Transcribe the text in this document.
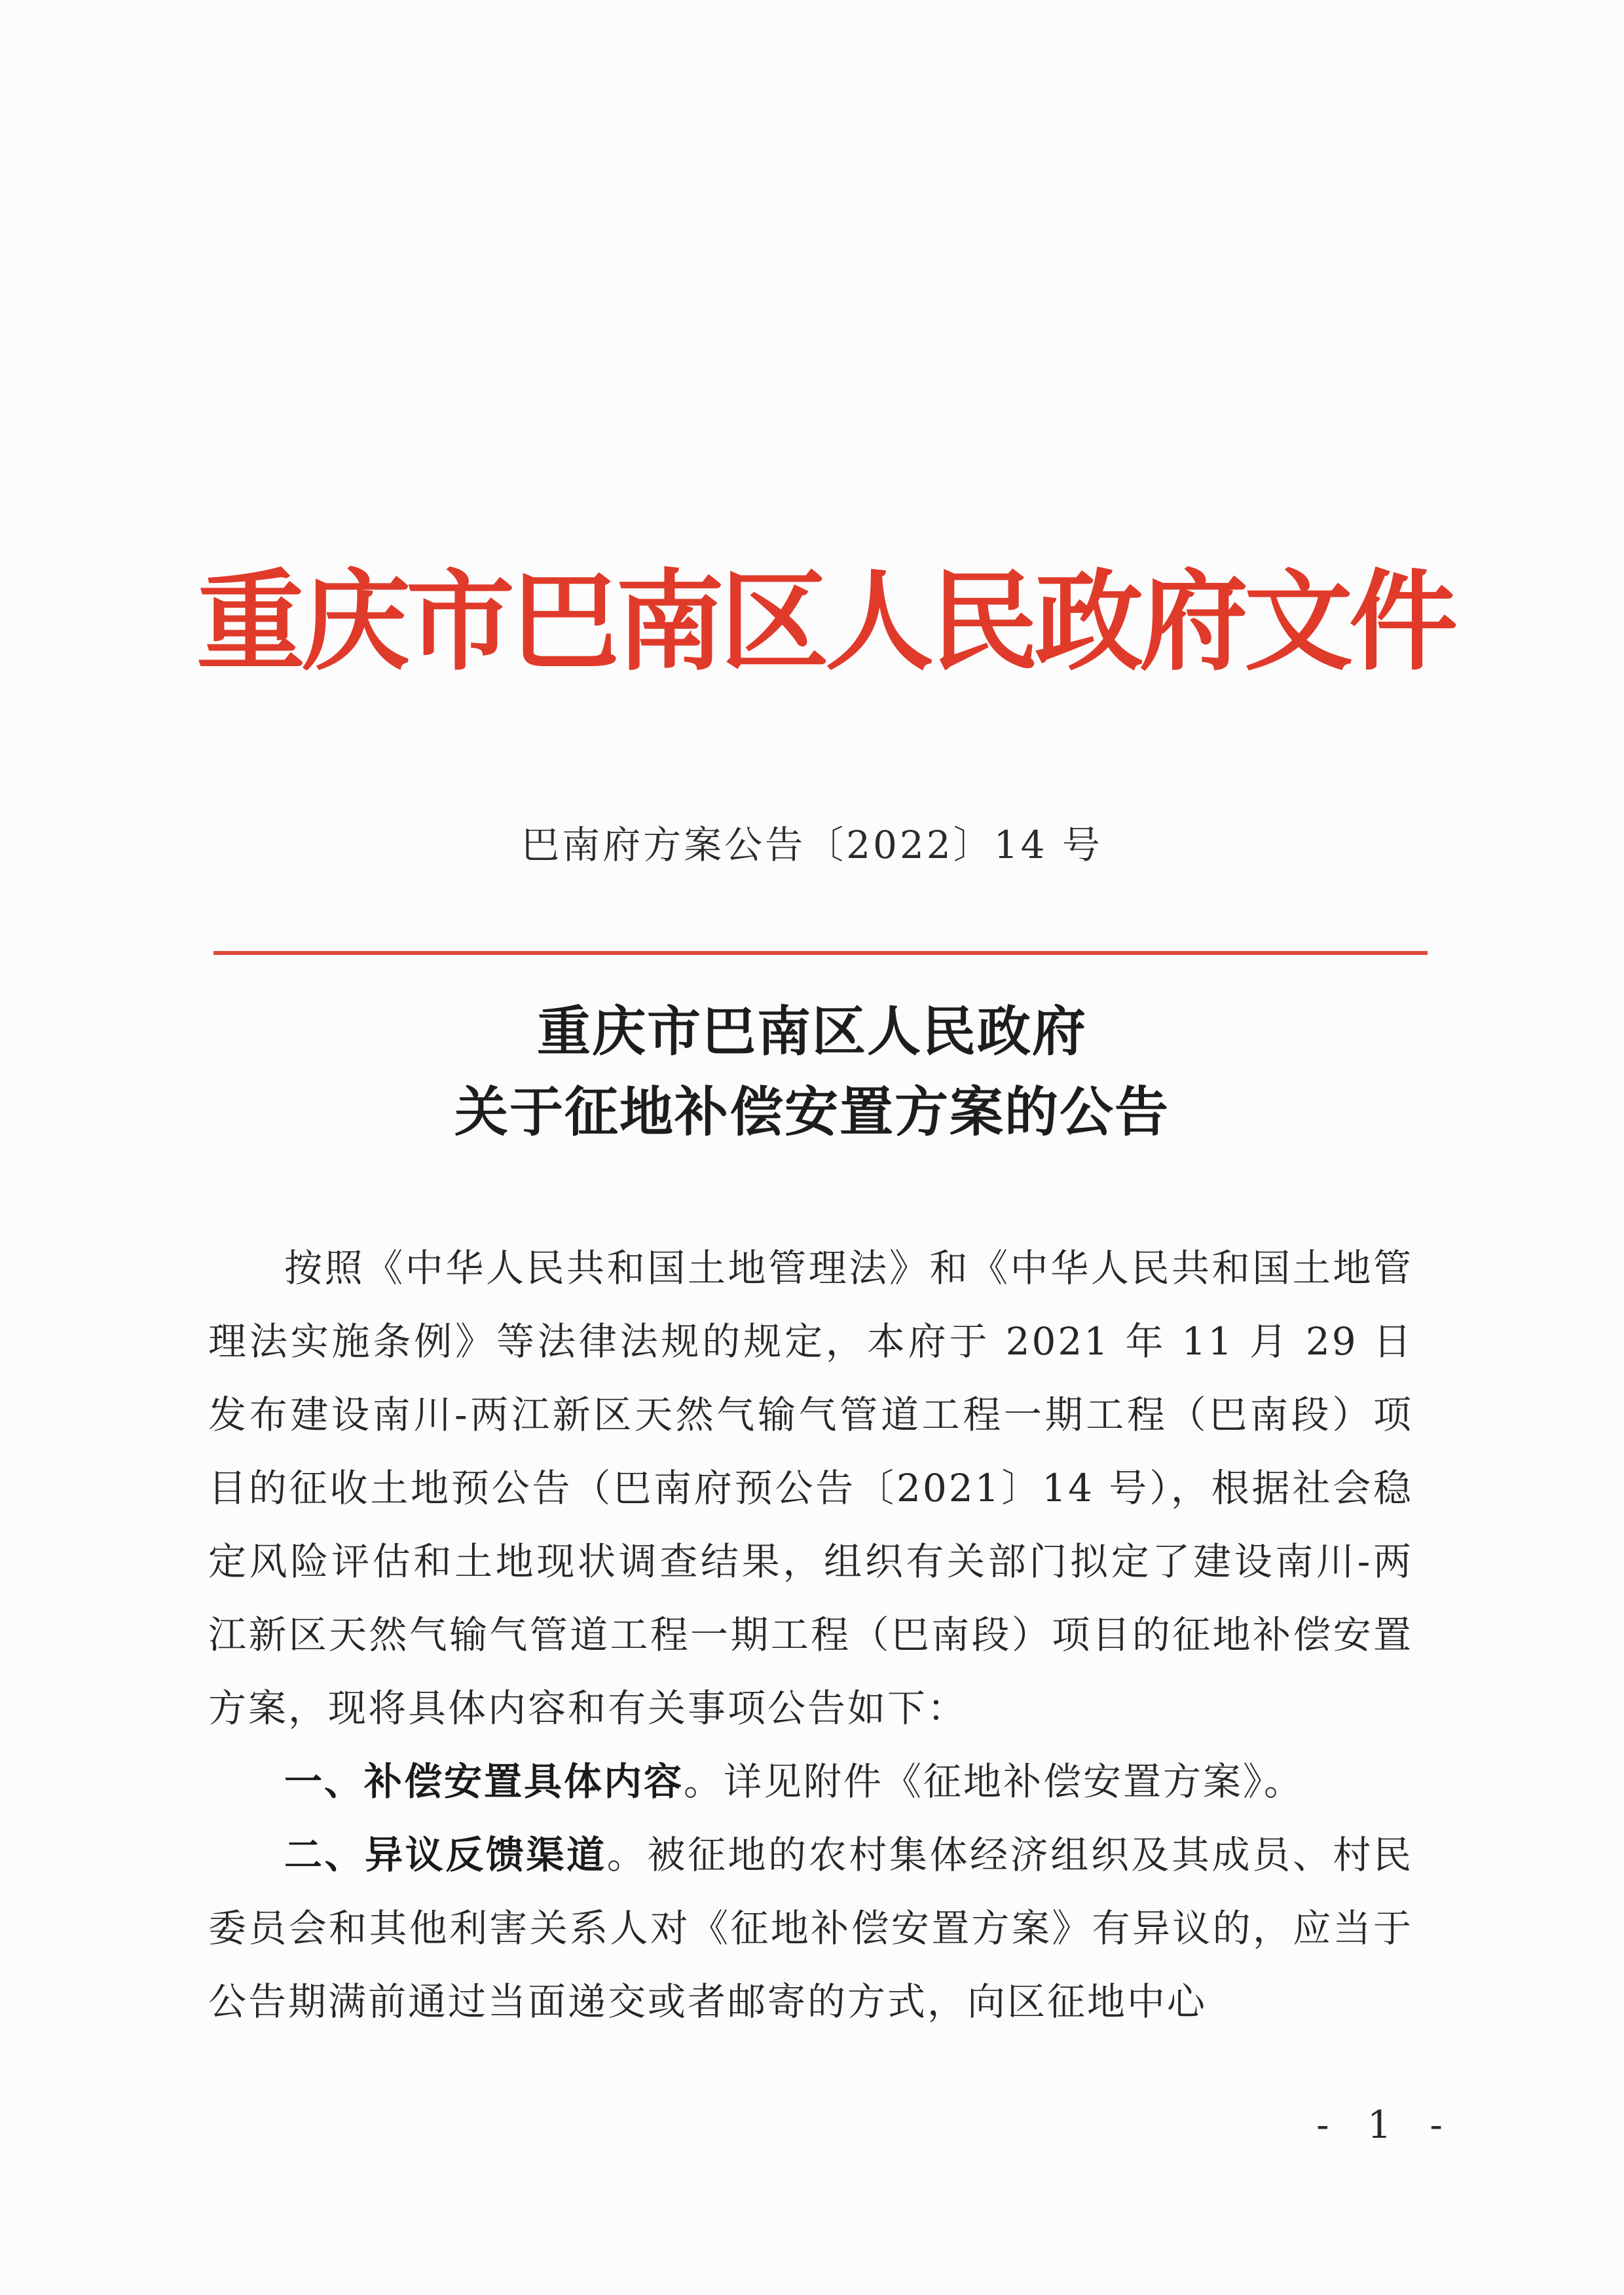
重庆市巴南区人民政府文件
巴南府方案公告〔2022〕14 号
重庆市巴南区人民政府
关于征地补偿安置方案的公告

按照《中华人民共和国土地管理法》和《中华人民共和国土地管理法实施条例》等法律法规的规定，本府于 2021 年 11 月 29 日发布建设南川-两江新区天然气输气管道工程一期工程（巴南段）项目的征收土地预公告（巴南府预公告〔2021〕14 号），根据社会稳定风险评估和土地现状调查结果，组织有关部门拟定了建设南川-两江新区天然气输气管道工程一期工程（巴南段）项目的征地补偿安置方案，现将具体内容和有关事项公告如下：

一、补偿安置具体内容。详见附件《征地补偿安置方案》。

二、异议反馈渠道。被征地的农村集体经济组织及其成员、村民委员会和其他利害关系人对《征地补偿安置方案》有异议的，应当于公告期满前通过当面递交或者邮寄的方式，向区征地中心

- 1 -
